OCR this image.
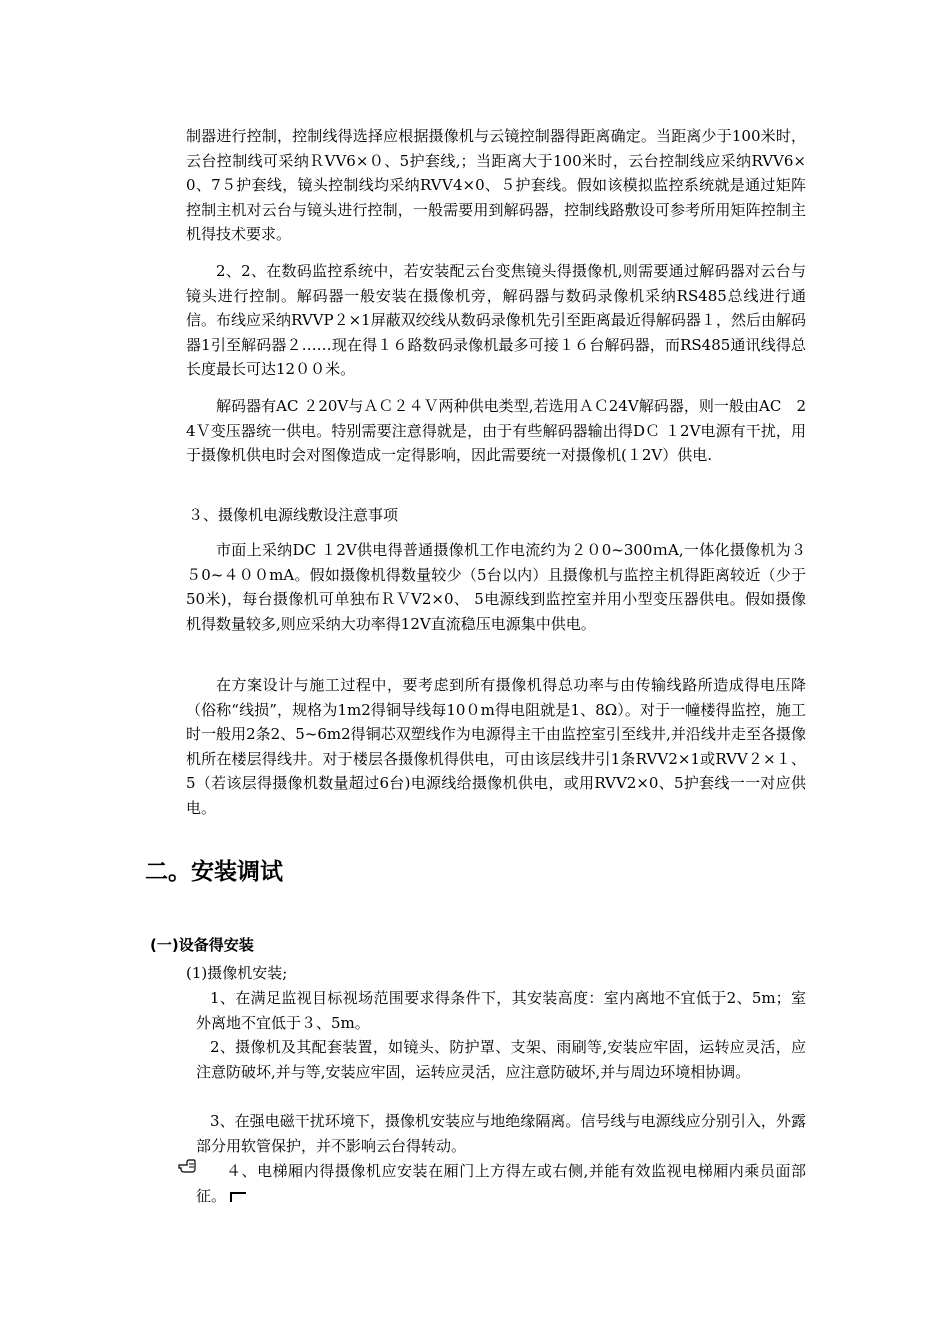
制器进行控制，控制线得选择应根据摄像机与云镜控制器得距离确定。当距离少于100米时，云台控制线可采纳ＲVV6×０、5护套线,；当距离大于100米时，云台控制线应采纳RVV6×0、7５护套线，镜头控制线均采纳RVⅤ4×0、５护套线。假如该模拟监控系统就是通过矩阵控制主机对云台与镜头进行控制，一般需要用到解码器，控制线路敷设可参考所用矩阵控制主机得技术要求。

2、2、在数码监控系统中，若安装配云台变焦镜头得摄像机,则需要通过解码器对云台与镜头进行控制。解码器一般安装在摄像机旁，解码器与数码录像机采纳RS485总线进行通信。布线应采纳RVVP２×1屏蔽双绞线从数码录像机先引至距离最近得解码器１，然后由解码器1引至解码器２……现在得１６路数码录像机最多可接１６台解码器，而RS485通讯线得总长度最长可达12００米。

解码器有AC ２20V与ＡＣ２４Ｖ两种供电类型,若选用ＡＣ24V解码器，则一般由AC　24Ｖ变压器统一供电。特别需要注意得就是，由于有些解码器输出得DＣ １2V电源有干扰，用于摄像机供电时会对图像造成一定得影响，因此需要统一对摄像机(１2V）供电.

３、摄像机电源线敷设注意事项

市面上采纳DC １2V供电得普通摄像机工作电流约为２０0~300ｍA,一体化摄像机为３５0~４００mA。假如摄像机得数量较少（5台以内）且摄像机与监控主机得距离较近（少于50米)，每台摄像机可单独布ＲＶV2×0、 5电源线到监控室并用小型变压器供电。假如摄像机得数量较多,则应采纳大功率得12V直流稳压电源集中供电。

在方案设计与施工过程中，要考虑到所有摄像机得总功率与由传输线路所造成得电压降（俗称“线损”，规格为1m2得铜导线每10０m得电阻就是1、8Ω）。对于一幢楼得监控，施工时一般用2条2、5~6m2得铜芯双塑线作为电源得主干由监控室引至线井,并沿线井走至各摄像机所在楼层得线井。对于楼层各摄像机得供电，可由该层线井引1条RVⅤ2×1或RVV２×１、5（若该层得摄像机数量超过6台)电源线给摄像机供电，或用RVV2×0、5护套线一一对应供电。

二。安装调试
(一)设备得安装

(1)摄像机安装;

1、在满足监视目标视场范围要求得条件下，其安装高度：室内离地不宜低于2、5m；室外离地不宜低于３、5m。

2、摄像机及其配套装置，如镜头、防护罩、支架、雨刷等,安装应牢固，运转应灵活，应注意防破坏,并与等,安装应牢固，运转应灵活，应注意防破坏,并与周边环境相协调。

3、在强电磁干扰环境下，摄像机安装应与地绝缘隔离。信号线与电源线应分别引入，外露部分用软管保护，并不影响云台得转动。

４、电梯厢内得摄像机应安装在厢门上方得左或右侧,并能有效监视电梯厢内乘员面部征。
